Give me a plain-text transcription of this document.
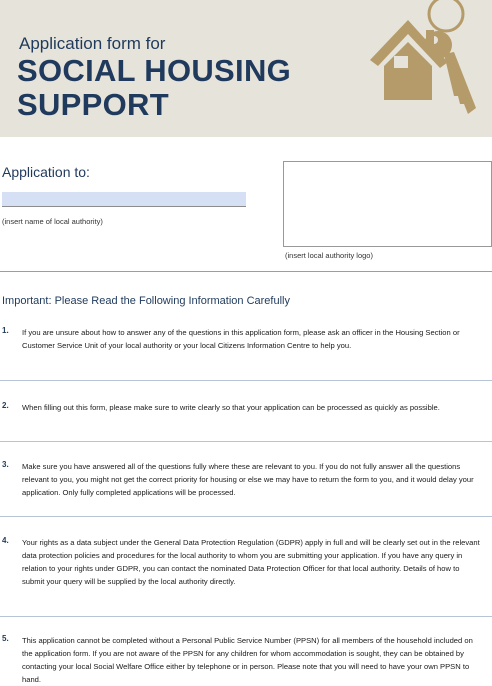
Application form for
SOCIAL HOUSING
SUPPORT
Application to:
(insert name of local authority)
(insert local authority logo)
Important: Please Read the Following Information Carefully
1. If you are unsure about how to answer any of the questions in this application form, please ask an officer in the Housing Section or Customer Service Unit of your local authority or your local Citizens Information Centre to help you.
2. When filling out this form, please make sure to write clearly so that your application can be processed as quickly as possible.
3. Make sure you have answered all of the questions fully where these are relevant to you. If you do not fully answer all the questions relevant to you, you might not get the correct priority for housing or else we may have to return the form to you, and it would delay your application. Only fully completed applications will be processed.
4. Your rights as a data subject under the General Data Protection Regulation (GDPR) apply in full and will be clearly set out in the relevant data protection policies and procedures for the local authority to whom you are submitting your application. If you have any query in relation to your rights under GDPR, you can contact the nominated Data Protection Officer for that local authority. Details of how to submit your query will be supplied by the local authority directly.
5. This application cannot be completed without a Personal Public Service Number (PPSN) for all members of the household included on the application form. If you are not aware of the PPSN for any children for whom accommodation is sought, they can be obtained by contacting your local Social Welfare Office either by telephone or in person. Please note that you will need to have your own PPSN to hand.
